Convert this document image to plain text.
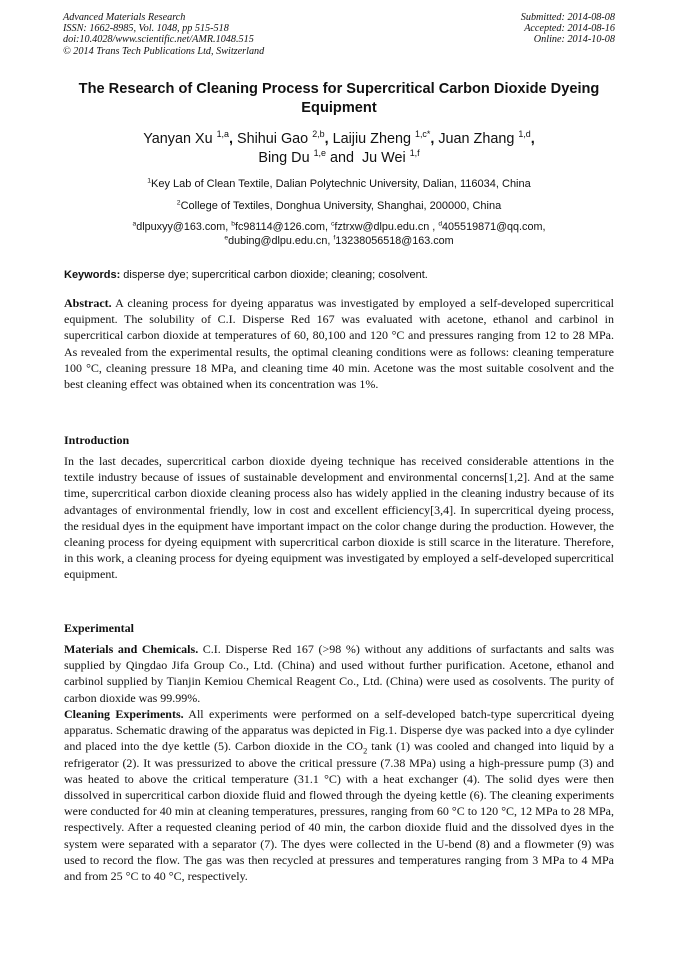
Advanced Materials Research
ISSN: 1662-8985, Vol. 1048, pp 515-518
doi:10.4028/www.scientific.net/AMR.1048.515
© 2014 Trans Tech Publications Ltd, Switzerland
Submitted: 2014-08-08
Accepted: 2014-08-16
Online: 2014-10-08
The Research of Cleaning Process for Supercritical Carbon Dioxide Dyeing Equipment
Yanyan Xu $^{1,a}$, Shihui Gao $^{2,b}$, Laijiu Zheng $^{1,c*}$, Juan Zhang $^{1,d}$,
Bing Du $^{1,e}$ and  Ju Wei $^{1,f}$
$^1$Key Lab of Clean Textile, Dalian Polytechnic University, Dalian, 116034, China
$^2$College of Textiles, Donghua University, Shanghai, 200000, China
$^a$dlpuxyy@163.com, $^b$fc98114@126.com, $^c$fztrxw@dlpu.edu.cn , $^d$405519871@qq.com,
$^e$dubing@dlpu.edu.cn, $^f$13238056518@163.com
Keywords: disperse dye; supercritical carbon dioxide; cleaning; cosolvent.
Abstract. A cleaning process for dyeing apparatus was investigated by employed a self-developed supercritical equipment. The solubility of C.I. Disperse Red 167 was evaluated with acetone, ethanol and carbinol in supercritical carbon dioxide at temperatures of 60, 80,100 and 120 °C and pressures ranging from 12 to 28 MPa. As revealed from the experimental results, the optimal cleaning conditions were as follows: cleaning temperature 100 °C, cleaning pressure 18 MPa, and cleaning time 40 min. Acetone was the most suitable cosolvent and the best cleaning effect was obtained when its concentration was 1%.
Introduction
In the last decades, supercritical carbon dioxide dyeing technique has received considerable attentions in the textile industry because of issues of sustainable development and environmental concerns[1,2]. And at the same time, supercritical carbon dioxide cleaning process also has widely applied in the cleaning industry because of its advantages of environmental friendly, low in cost and excellent efficiency[3,4]. In supercritical dyeing process, the residual dyes in the equipment have important impact on the color change during the production. However, the cleaning process for dyeing equipment with supercritical carbon dioxide is still scarce in the literature. Therefore, in this work, a cleaning process for dyeing equipment was investigated by employed a self-developed supercritical equipment.
Experimental
Materials and Chemicals. C.I. Disperse Red 167 (>98 %) without any additions of surfactants and salts was supplied by Qingdao Jifa Group Co., Ltd. (China) and used without further purification. Acetone, ethanol and carbinol supplied by Tianjin Kemiou Chemical Reagent Co., Ltd. (China) were used as cosolvents. The purity of carbon dioxide was 99.99%.
Cleaning Experiments. All experiments were performed on a self-developed batch-type supercritical dyeing apparatus. Schematic drawing of the apparatus was depicted in Fig.1. Disperse dye was packed into a dye cylinder and placed into the dye kettle (5). Carbon dioxide in the $CO_2$ tank (1) was cooled and changed into liquid by a refrigerator (2). It was pressurized to above the critical pressure (7.38 MPa) using a high-pressure pump (3) and was heated to above the critical temperature (31.1 °C) with a heat exchanger (4). The solid dyes were then dissolved in supercritical carbon dioxide fluid and flowed through the dyeing kettle (6). The cleaning experiments were conducted for 40 min at cleaning temperatures, pressures, ranging from 60 °C to 120 °C, 12 MPa to 28 MPa, respectively. After a requested cleaning period of 40 min, the carbon dioxide fluid and the dissolved dyes in the system were separated with a separator (7). The dyes were collected in the U-bend (8) and a flowmeter (9) was used to record the flow. The gas was then recycled at pressures and temperatures ranging from 3 MPa to 4 MPa and from 25 °C to 40 °C, respectively.
